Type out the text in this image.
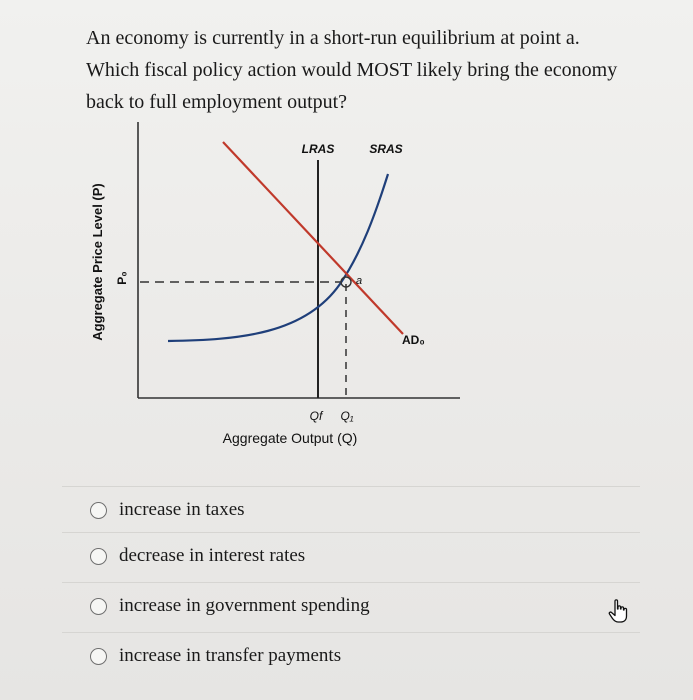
An economy is currently in a short-run equilibrium at point a.

Which fiscal policy action would MOST likely bring the economy

back to full employment output?

Aggregate Price Level (P) P₀
LRAS	SRAS
AD₀
a
Qf Q₁
Aggregate Output (Q)
increase in taxes
decrease in interest rates
increase in government spending
increase in transfer payments
